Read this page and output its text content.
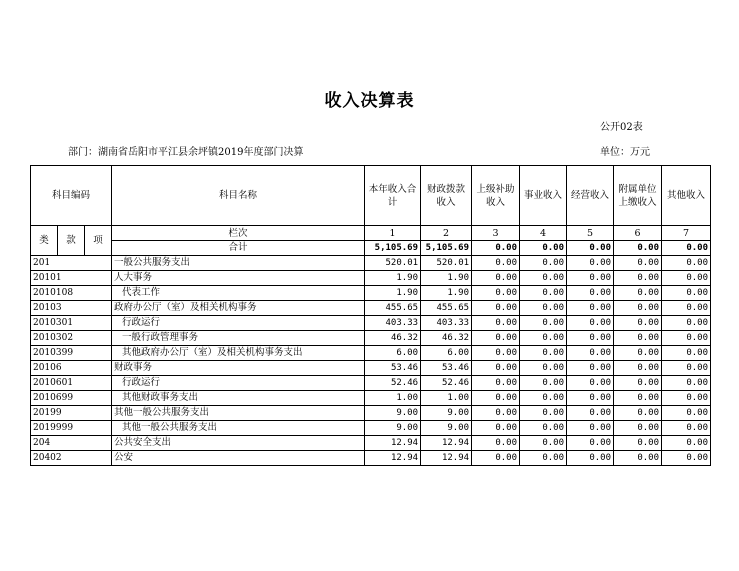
收入决算表
公开02表
部门：湖南省岳阳市平江县余坪镇2019年度部门决算	单位：万元
科目编码			科目名称	本年收入合计	财政拨款收入	上级补助收入	事业收入	经营收入	附属单位上缴收入	其他收入
类	款	项	栏次	1	2	3	4	5	6	7
			合计	5,105.69	5,105.69	0.00	0.00	0.00	0.00	0.00
201			一般公共服务支出	520.01	520.01	0.00	0.00	0.00	0.00	0.00
20101			人大事务	1.90	1.90	0.00	0.00	0.00	0.00	0.00
2010108			代表工作	1.90	1.90	0.00	0.00	0.00	0.00	0.00
20103			政府办公厅（室）及相关机构事务	455.65	455.65	0.00	0.00	0.00	0.00	0.00
2010301			行政运行	403.33	403.33	0.00	0.00	0.00	0.00	0.00
2010302			一般行政管理事务	46.32	46.32	0.00	0.00	0.00	0.00	0.00
2010399			其他政府办公厅（室）及相关机构事务支出	6.00	6.00	0.00	0.00	0.00	0.00	0.00
20106			财政事务	53.46	53.46	0.00	0.00	0.00	0.00	0.00
2010601			行政运行	52.46	52.46	0.00	0.00	0.00	0.00	0.00
2010699			其他财政事务支出	1.00	1.00	0.00	0.00	0.00	0.00	0.00
20199			其他一般公共服务支出	9.00	9.00	0.00	0.00	0.00	0.00	0.00
2019999			其他一般公共服务支出	9.00	9.00	0.00	0.00	0.00	0.00	0.00
204			公共安全支出	12.94	12.94	0.00	0.00	0.00	0.00	0.00
20402			公安	12.94	12.94	0.00	0.00	0.00	0.00	0.00
